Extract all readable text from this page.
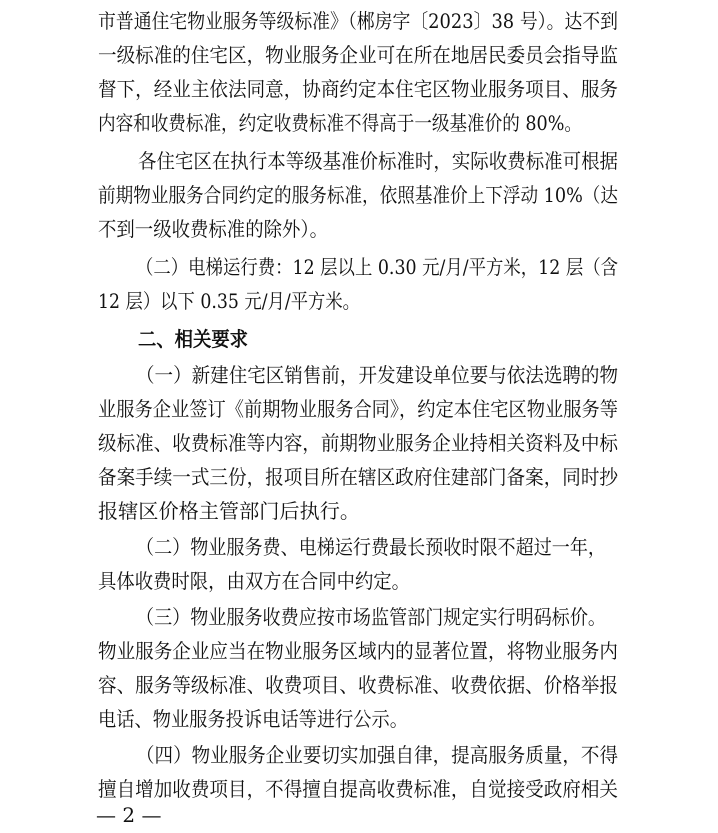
市普通住宅物业服务等级标准》（郴房字〔2023〕38 号）。达不到
一级标准的住宅区，物业服务企业可在所在地居民委员会指导监
督下，经业主依法同意，协商约定本住宅区物业服务项目、服务
内容和收费标准，约定收费标准不得高于一级基准价的 80%。
各住宅区在执行本等级基准价标准时，实际收费标准可根据
前期物业服务合同约定的服务标准，依照基准价上下浮动 10%（达
不到一级收费标准的除外）。
（二）电梯运行费：12 层以上 0.30 元/月/平方米，12 层（含
12 层）以下 0.35 元/月/平方米。
二、相关要求
（一）新建住宅区销售前，开发建设单位要与依法选聘的物
业服务企业签订《前期物业服务合同》，约定本住宅区物业服务等
级标准、收费标准等内容，前期物业服务企业持相关资料及中标
备案手续一式三份，报项目所在辖区政府住建部门备案，同时抄
报辖区价格主管部门后执行。
（二）物业服务费、电梯运行费最长预收时限不超过一年，
具体收费时限，由双方在合同中约定。
（三）物业服务收费应按市场监管部门规定实行明码标价。
物业服务企业应当在物业服务区域内的显著位置，将物业服务内
容、服务等级标准、收费项目、收费标准、收费依据、价格举报
电话、物业服务投诉电话等进行公示。
（四）物业服务企业要切实加强自律，提高服务质量，不得
擅自增加收费项目，不得擅自提高收费标准，自觉接受政府相关
— 2 —
